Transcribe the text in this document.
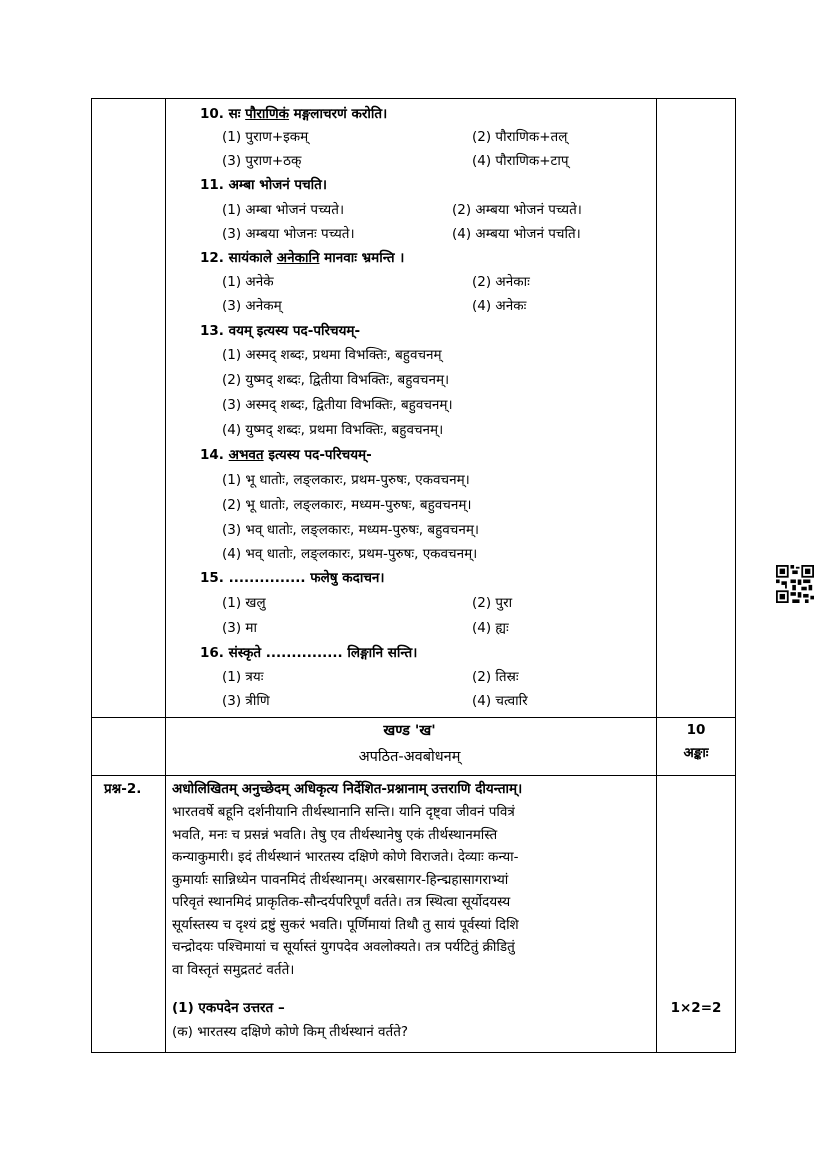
10. सः पौराणिकं मङ्गलाचरणं करोति।
(1) पुराण+इकम्	(2) पौराणिक+तल्
(3) पुराण+ठक्	(4) पौराणिक+टाप्
11. अम्बा भोजनं पचति।
(1) अम्बा भोजनं पच्यते।	(2) अम्बया भोजनं पच्यते।
(3) अम्बया भोजनः पच्यते।	(4) अम्बया भोजनं पचति।
12. सायंकाले अनेकानि मानवाः भ्रमन्ति ।
(1) अनेके	(2) अनेकाः
(3) अनेकम्	(4) अनेकः
13. वयम् इत्यस्य पद-परिचयम्-
(1) अस्मद् शब्दः, प्रथमा विभक्तिः, बहुवचनम्
(2) युष्मद् शब्दः, द्वितीया विभक्तिः, बहुवचनम्।
(3) अस्मद् शब्दः, द्वितीया विभक्तिः, बहुवचनम्।
(4) युष्मद् शब्दः, प्रथमा विभक्तिः, बहुवचनम्।
14. अभवत इत्यस्य पद-परिचयम्-
(1) भू धातोः, लङ्लकारः, प्रथम-पुरुषः, एकवचनम्।
(2) भू धातोः, लङ्लकारः, मध्यम-पुरुषः, बहुवचनम्।
(3) भव् धातोः, लङ्लकारः, मध्यम-पुरुषः, बहुवचनम्।
(4) भव् धातोः, लङ्लकारः, प्रथम-पुरुषः, एकवचनम्।
15. ............... फलेषु कदाचन।
(1) खलु	(2) पुरा
(3) मा	(4) ह्यः
16. संस्कृते ............... लिङ्गानि सन्ति।
(1) त्रयः	(2) तिस्रः
(3) त्रीणि	(4) चत्वारि
खण्ड 'ख'
अपठित-अवबोधनम्
10
अङ्काः
प्रश्न-2. अधोलिखितम् अनुच्छेदम् अधिकृत्य निर्देशित-प्रश्नानाम् उत्तराणि दीयन्ताम्।
भारतवर्षे बहूनि दर्शनीयानि तीर्थस्थानानि सन्ति। यानि दृष्ट्वा जीवनं पवित्रं
भवति, मनः च प्रसन्नं भवति। तेषु एव तीर्थस्थानेषु एकं तीर्थस्थानमस्ति
कन्याकुमारी। इदं तीर्थस्थानं भारतस्य दक्षिणे कोणे विराजते। देव्याः कन्या-
कुमार्याः सान्निध्येन पावनमिदं तीर्थस्थानम्। अरबसागर-हिन्द्महासागराभ्यां
परिवृतं स्थानमिदं प्राकृतिक-सौन्दर्यपरिपूर्णं वर्तते। तत्र स्थित्वा सूर्योदयस्य
सूर्यास्तस्य च दृश्यं द्रष्टुं सुकरं भवति। पूर्णिमायां तिथौ तु सायं पूर्वस्यां दिशि
चन्द्रोदयः पश्चिमायां च सूर्यास्तं युगपदेव अवलोक्यते। तत्र पर्यटितुं क्रीडितुं
वा विस्तृतं समुद्रतटं वर्तते।
(1) एकपदेन उत्तरत –	1×2=2
(क) भारतस्य दक्षिणे कोणे किम् तीर्थस्थानं वर्तते?
